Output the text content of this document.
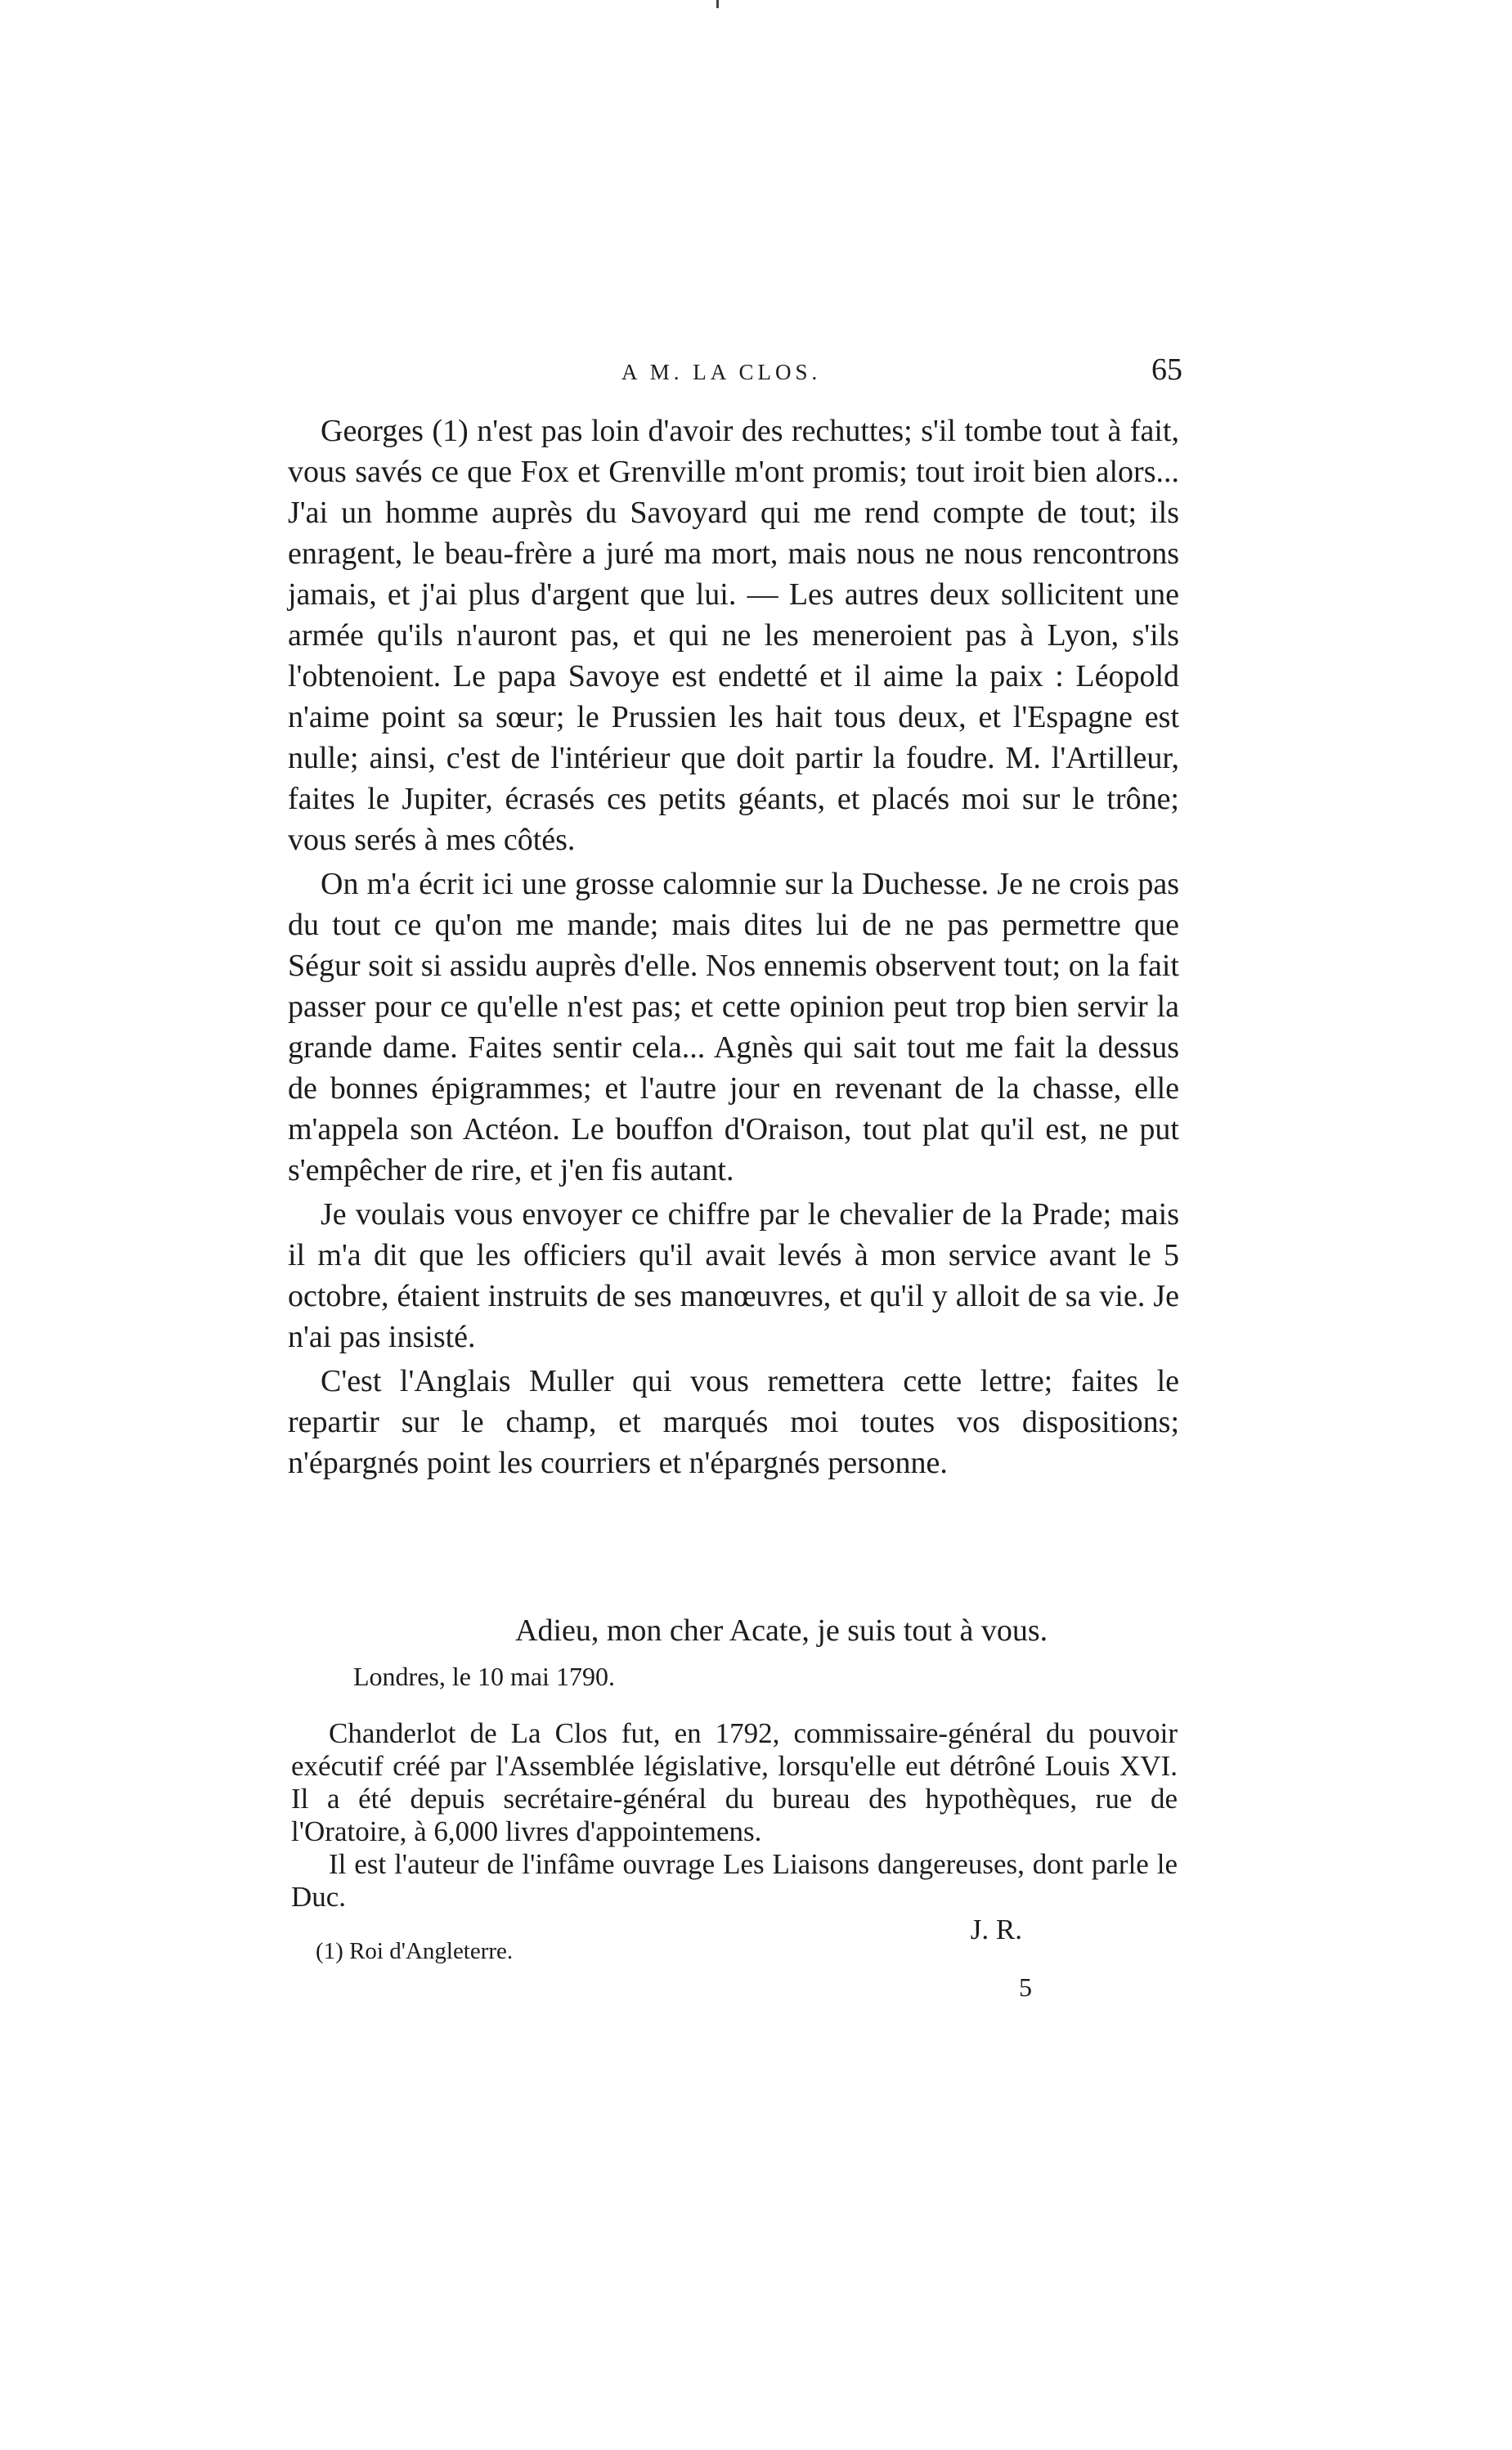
A M. LA CLOS.	65

Georges (1) n'est pas loin d'avoir des rechuttes; s'il tombe tout à fait, vous savés ce que Fox et Grenville m'ont promis; tout iroit bien alors... J'ai un homme auprès du Savoyard qui me rend compte de tout; ils enragent, le beau-frère a juré ma mort, mais nous ne nous rencontrons jamais, et j'ai plus d'argent que lui. — Les autres deux sollicitent une armée qu'ils n'auront pas, et qui ne les meneroient pas à Lyon, s'ils l'obtenoient. Le papa Savoye est endetté et il aime la paix : Léopold n'aime point sa sœur; le Prussien les hait tous deux, et l'Espagne est nulle; ainsi, c'est de l'intérieur que doit partir la foudre. M. l'Artilleur, faites le Jupiter, écrasés ces petits géants, et placés moi sur le trône; vous serés à mes côtés.

On m'a écrit ici une grosse calomnie sur la Duchesse. Je ne crois pas du tout ce qu'on me mande; mais dites lui de ne pas permettre que Ségur soit si assidu auprès d'elle. Nos ennemis observent tout; on la fait passer pour ce qu'elle n'est pas; et cette opinion peut trop bien servir la grande dame. Faites sentir cela... Agnès qui sait tout me fait la dessus de bonnes épigrammes; et l'autre jour en revenant de la chasse, elle m'appela son Actéon. Le bouffon d'Oraison, tout plat qu'il est, ne put s'empêcher de rire, et j'en fis autant.

Je voulais vous envoyer ce chiffre par le chevalier de la Prade; mais il m'a dit que les officiers qu'il avait levés à mon service avant le 5 octobre, étaient instruits de ses manœuvres, et qu'il y alloit de sa vie. Je n'ai pas insisté.

C'est l'Anglais Muller qui vous remettera cette lettre; faites le repartir sur le champ, et marqués moi toutes vos dispositions; n'épargnés point les courriers et n'épargnés personne.

Adieu, mon cher Acate, je suis tout à vous.
Londres, le 10 mai 1790.

Chanderlot de La Clos fut, en 1792, commissaire-général du pouvoir exécutif créé par l'Assemblée législative, lorsqu'elle eut détrôné Louis XVI. Il a été depuis secrétaire-général du bureau des hypothèques, rue de l'Oratoire, à 6,000 livres d'appointemens.

Il est l'auteur de l'infâme ouvrage Les Liaisons dangereuses, dont parle le Duc.

J. R.

(1) Roi d'Angleterre.
5
